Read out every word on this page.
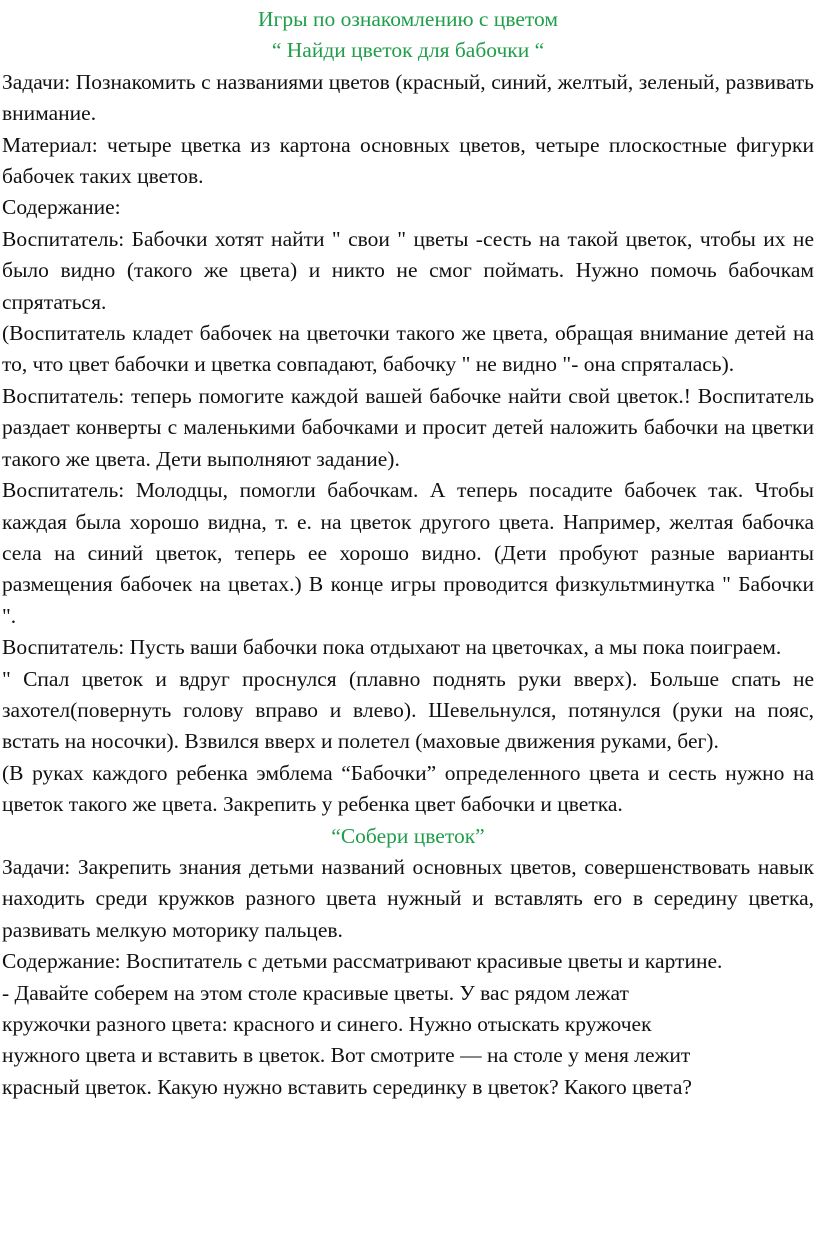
Игры по ознакомлению с цветом
“ Найди цветок для бабочки “
Задачи: Познакомить с названиями цветов (красный, синий, желтый, зеленый, развивать внимание.
Материал: четыре цветка из картона основных цветов, четыре плоскостные фигурки бабочек таких цветов.
Содержание:
Воспитатель: Бабочки хотят найти " свои " цветы -сесть на такой цветок, чтобы их не было видно (такого же цвета) и никто не смог поймать. Нужно помочь бабочкам спрятаться.
(Воспитатель кладет бабочек на цветочки такого же цвета, обращая внимание детей на то, что цвет бабочки и цветка совпадают, бабочку " не видно "- она спряталась).
Воспитатель: теперь помогите каждой вашей бабочке найти свой цветок.! Воспитатель раздает конверты с маленькими бабочками и просит детей наложить бабочки на цветки такого же цвета. Дети выполняют задание).
Воспитатель: Молодцы, помогли бабочкам. А теперь посадите бабочек так. Чтобы каждая была хорошо видна, т. е. на цветок другого цвета. Например, желтая бабочка села на синий цветок, теперь ее хорошо видно. (Дети пробуют разные варианты размещения бабочек на цветах.) В конце игры проводится физкультминутка " Бабочки ".
Воспитатель: Пусть ваши бабочки пока отдыхают на цветочках, а мы пока поиграем.
" Спал цветок и вдруг проснулся (плавно поднять руки вверх). Больше спать не захотел(повернуть голову вправо и влево). Шевельнулся, потянулся (руки на пояс, встать на носочки). Взвился вверх и полетел (маховые движения руками, бег).
(В руках каждого ребенка эмблема “Бабочки” определенного цвета и сесть нужно на цветок такого же цвета. Закрепить у ребенка цвет бабочки и цветка.
“Собери цветок”
Задачи: Закрепить знания детьми названий основных цветов, совершенствовать навык находить среди кружков разного цвета нужный и вставлять его в середину цветка, развивать мелкую моторику пальцев.
Содержание: Воспитатель с детьми рассматривают красивые цветы и картине.
- Давайте соберем на этом столе красивые цветы. У вас рядом лежат
кружочки разного цвета: красного и синего. Нужно отыскать кружочек
нужного цвета и вставить в цветок. Вот смотрите — на столе у меня лежит
красный цветок. Какую нужно вставить серединку в цветок? Какого цвета?
